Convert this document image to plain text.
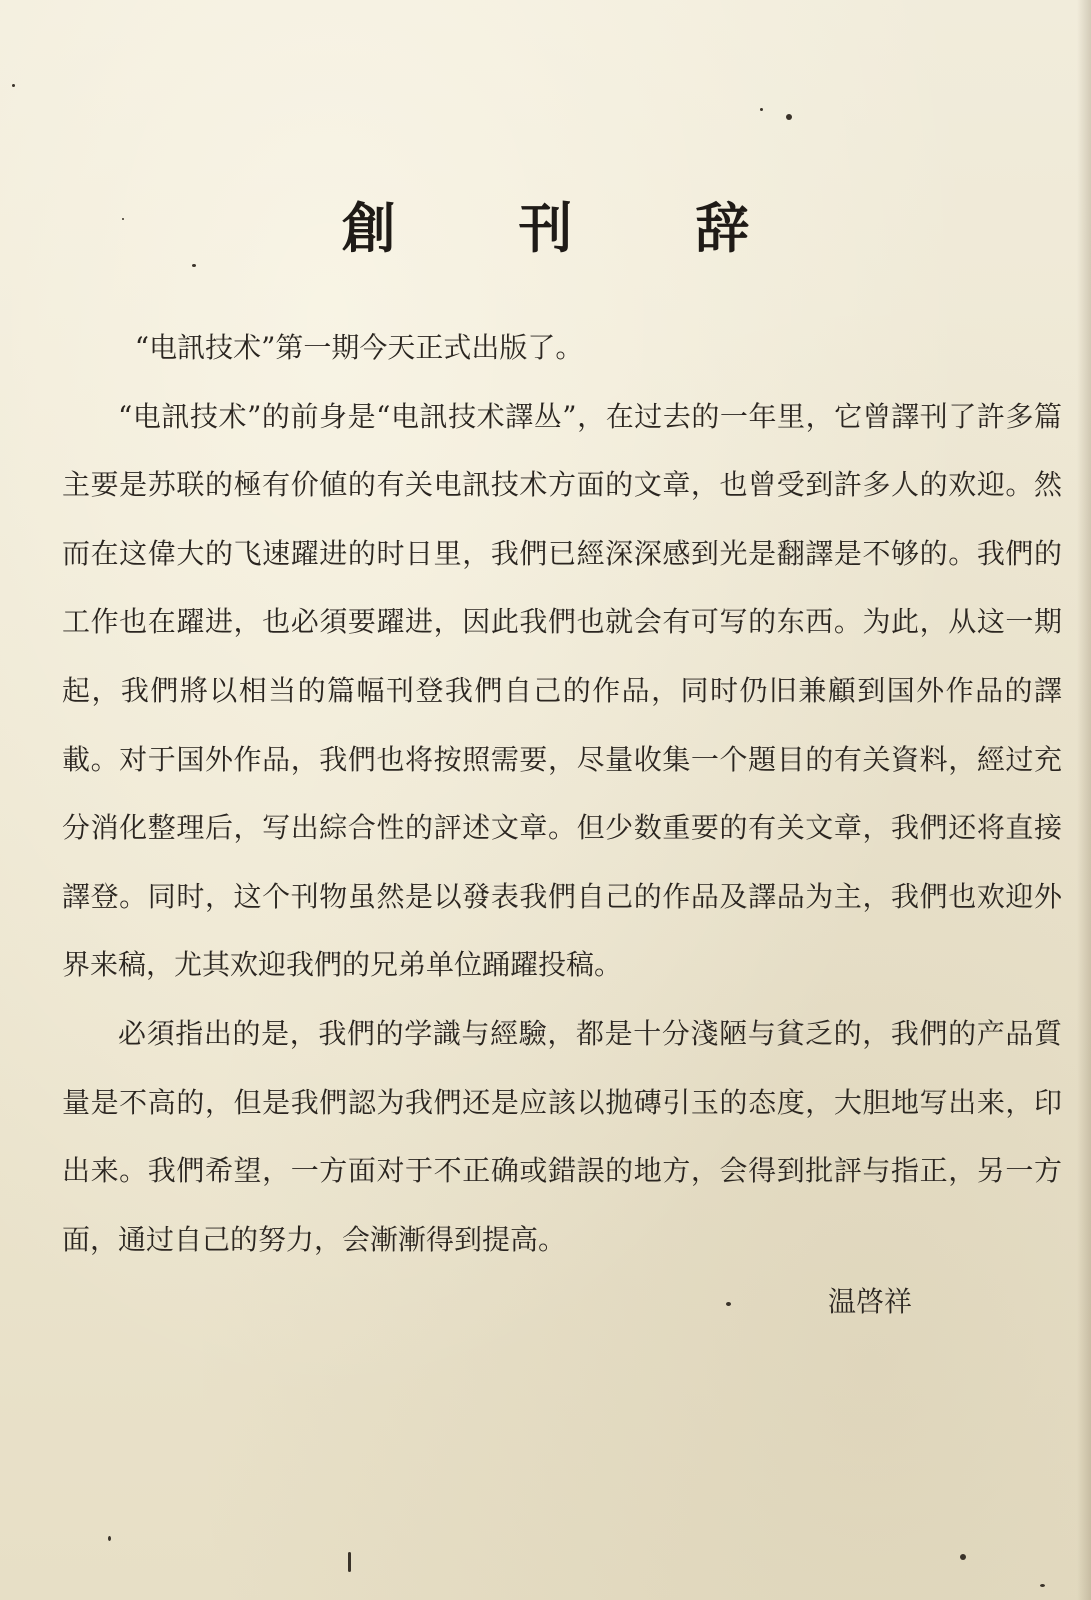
創 刊 辞

“电訊技术”第一期今天正式出版了。

“电訊技术”的前身是“电訊技术譯丛”，在过去的一年里，它曾譯刊了許多篇主要是苏联的極有价値的有关电訊技术方面的文章，也曾受到許多人的欢迎。然而在这偉大的飞速躍进的时日里，我們已經深深感到光是翻譯是不够的。我們的工作也在躍进，也必須要躍进，因此我們也就会有可写的东西。为此，从这一期起，我們將以相当的篇幅刊登我們自己的作品，同时仍旧兼顧到国外作品的譯載。对于国外作品，我們也将按照需要，尽量收集一个題目的有关資料，經过充分消化整理后，写出綜合性的評述文章。但少数重要的有关文章，我們还将直接譯登。同时，这个刊物虽然是以發表我們自己的作品及譯品为主，我們也欢迎外界来稿，尤其欢迎我們的兄弟单位踊躍投稿。

必須指出的是，我們的学識与經驗，都是十分淺陋与貧乏的，我們的产品質量是不高的，但是我們認为我們还是应該以拋磚引玉的态度，大胆地写出来，印出来。我們希望，一方面对于不正确或錯誤的地方，会得到批評与指正，另一方面，通过自己的努力，会漸漸得到提高。

温啓祥
